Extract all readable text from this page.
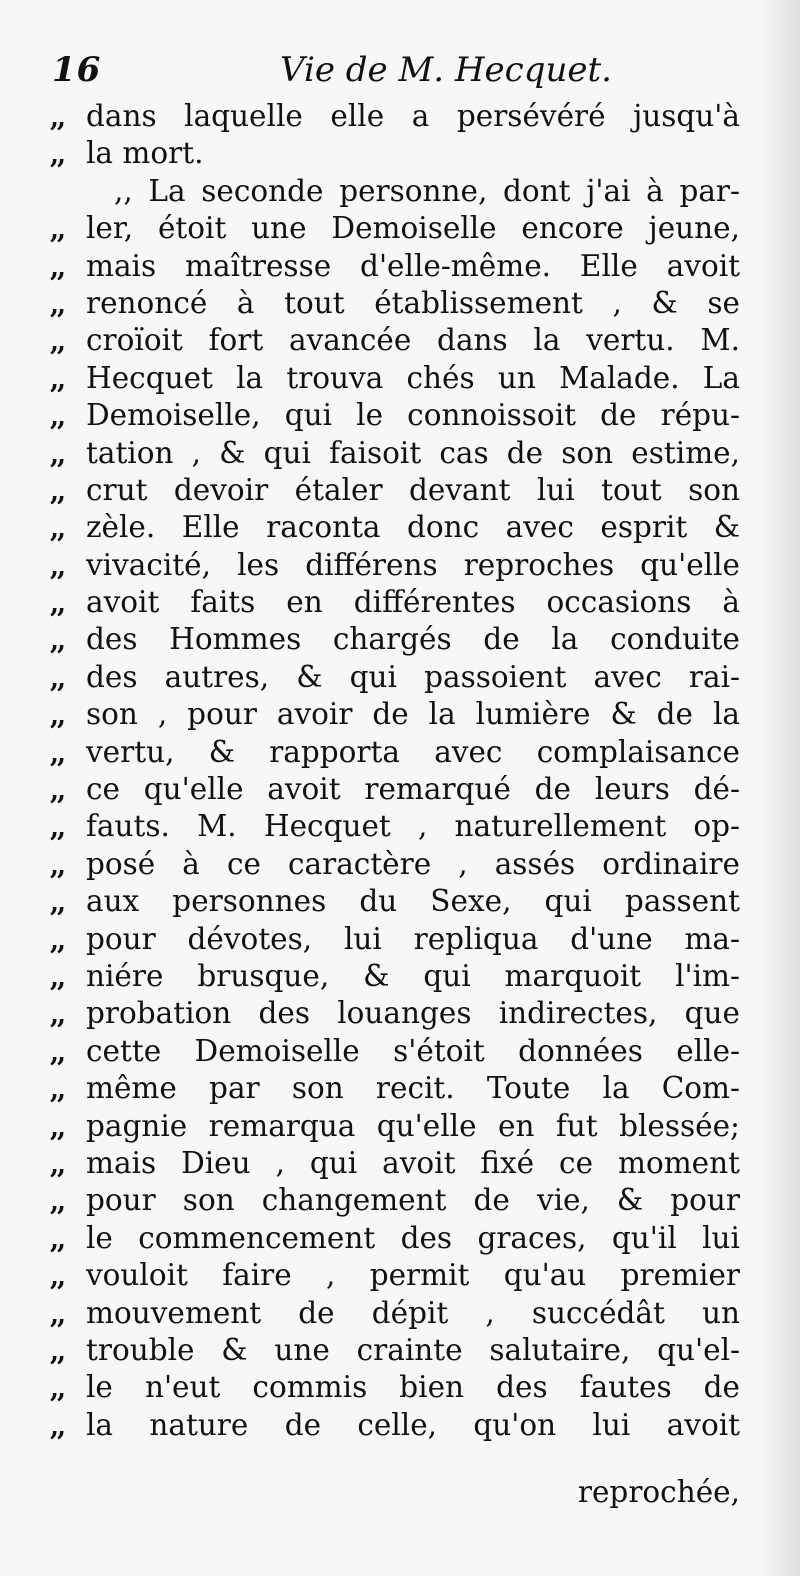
16	Vie de M. Hecquet.
,, dans laquelle elle a persévéré jusqu'à
,, la mort.
,, La seconde personne, dont j'ai à par-
,, ler, étoit une Demoiselle encore jeune,
,, mais maîtresse d'elle-même. Elle avoit
,, renoncé à tout établissement , & se
,, croïoit fort avancée dans la vertu. M.
,, Hecquet la trouva chés un Malade. La
,, Demoiselle, qui le connoissoit de répu-
,, tation , & qui faisoit cas de son estime,
,, crut devoir étaler devant lui tout son
,, zèle. Elle raconta donc avec esprit &
,, vivacité, les différens reproches qu'elle
,, avoit faits en différentes occasions à
,, des Hommes chargés de la conduite
,, des autres, & qui passoient avec rai-
,, son , pour avoir de la lumière & de la
,, vertu, & rapporta avec complaisance
,, ce qu'elle avoit remarqué de leurs dé-
,, fauts. M. Hecquet , naturellement op-
,, posé à ce caractère , assés ordinaire
,, aux personnes du Sexe, qui passent
,, pour dévotes, lui repliqua d'une ma-
,, niére brusque, & qui marquoit l'im-
,, probation des louanges indirectes, que
,, cette Demoiselle s'étoit données elle-
,, même par son recit. Toute la Com-
,, pagnie remarqua qu'elle en fut blessée;
,, mais Dieu , qui avoit fixé ce moment
,, pour son changement de vie, & pour
,, le commencement des graces, qu'il lui
,, vouloit faire , permit qu'au premier
,, mouvement de dépit , succédât un
,, trouble & une crainte salutaire, qu'el-
,, le n'eut commis bien des fautes de
,, la nature de celle, qu'on lui avoit
reprochée,
